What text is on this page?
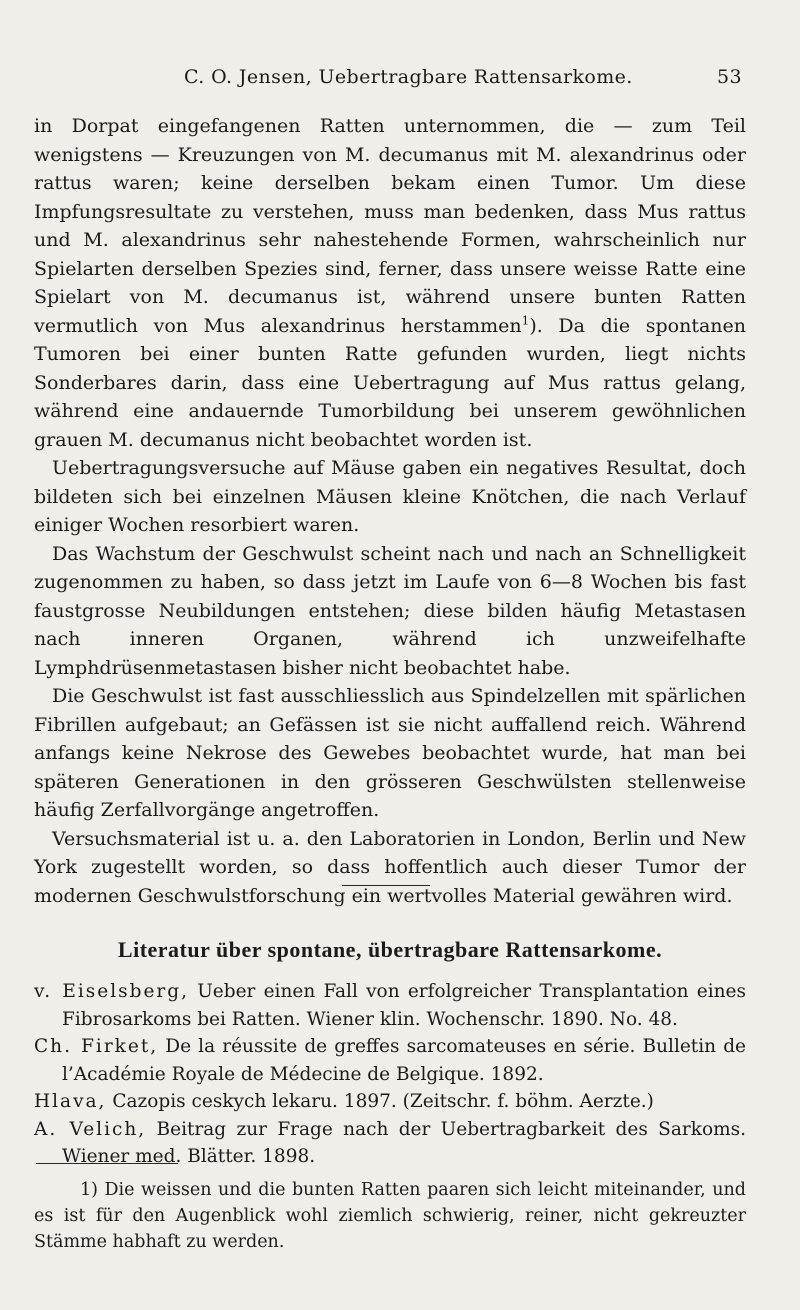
C. O. Jensen, Uebertragbare Rattensarkome.	53

in Dorpat eingefangenen Ratten unternommen, die — zum Teil wenigstens — Kreuzungen von M. decumanus mit M. alexandrinus oder rattus waren; keine derselben bekam einen Tumor. Um diese Impfungsresultate zu verstehen, muss man bedenken, dass Mus rattus und M. alexandrinus sehr nahestehende Formen, wahrscheinlich nur Spielarten derselben Spezies sind, ferner, dass unsere weisse Ratte eine Spielart von M. decumanus ist, während unsere bunten Ratten vermutlich von Mus alexandrinus herstammen$^1$). Da die spontanen Tumoren bei einer bunten Ratte gefunden wurden, liegt nichts Sonderbares darin, dass eine Uebertragung auf Mus rattus gelang, während eine andauernde Tumorbildung bei unserem gewöhnlichen grauen M. decumanus nicht beobachtet worden ist.

Uebertragungsversuche auf Mäuse gaben ein negatives Resultat, doch bildeten sich bei einzelnen Mäusen kleine Knötchen, die nach Verlauf einiger Wochen resorbiert waren.

Das Wachstum der Geschwulst scheint nach und nach an Schnelligkeit zugenommen zu haben, so dass jetzt im Laufe von 6—8 Wochen bis fast faustgrosse Neubildungen entstehen; diese bilden häufig Metastasen nach inneren Organen, während ich unzweifelhafte Lymphdrüsenmetastasen bisher nicht beobachtet habe.

Die Geschwulst ist fast ausschliesslich aus Spindelzellen mit spärlichen Fibrillen aufgebaut; an Gefässen ist sie nicht auffallend reich. Während anfangs keine Nekrose des Gewebes beobachtet wurde, hat man bei späteren Generationen in den grösseren Geschwülsten stellenweise häufig Zerfallvorgänge angetroffen.

Versuchsmaterial ist u. a. den Laboratorien in London, Berlin und New York zugestellt worden, so dass hoffentlich auch dieser Tumor der modernen Geschwulstforschung ein wertvolles Material gewähren wird.

Literatur über spontane, übertragbare Rattensarkome.
v. Eiselsberg, Ueber einen Fall von erfolgreicher Transplantation eines Fibrosarkoms bei Ratten. Wiener klin. Wochenschr. 1890. No. 48.
Ch. Firket, De la réussite de greffes sarcomateuses en série. Bulletin de l’Académie Royale de Médecine de Belgique. 1892.
Hlava, Cazopis ceskych lekaru. 1897. (Zeitschr. f. böhm. Aerzte.)
A. Velich, Beitrag zur Frage nach der Uebertragbarkeit des Sarkoms. Wiener med. Blätter. 1898.

1) Die weissen und die bunten Ratten paaren sich leicht miteinander, und es ist für den Augenblick wohl ziemlich schwierig, reiner, nicht gekreuzter Stämme habhaft zu werden.
